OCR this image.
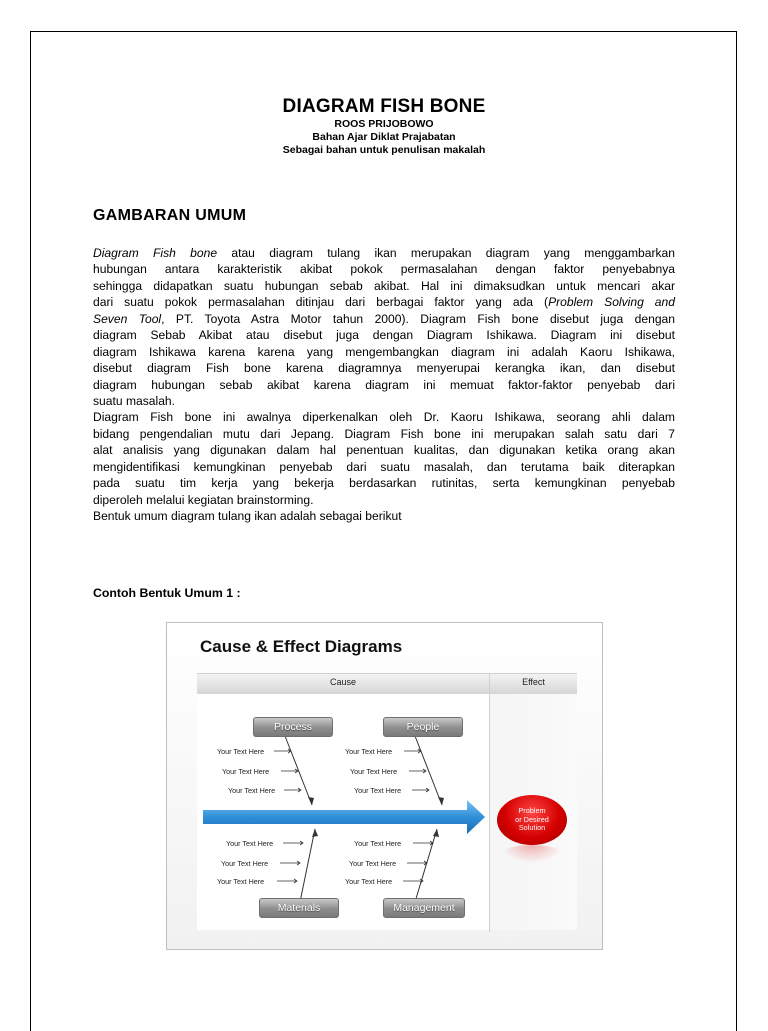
DIAGRAM FISH BONE
ROOS PRIJOBOWO
Bahan Ajar Diklat Prajabatan
Sebagai bahan untuk penulisan makalah
GAMBARAN UMUM
Diagram Fish bone atau diagram tulang ikan merupakan diagram yang menggambarkan
hubungan antara karakteristik akibat pokok permasalahan dengan faktor penyebabnya
sehingga didapatkan suatu hubungan sebab akibat. Hal ini dimaksudkan untuk mencari akar
dari suatu pokok permasalahan ditinjau dari berbagai faktor yang ada (Problem Solving and
Seven Tool, PT. Toyota Astra Motor tahun 2000). Diagram Fish bone disebut juga dengan
diagram Sebab Akibat atau disebut juga dengan Diagram Ishikawa. Diagram ini disebut
diagram Ishikawa karena karena yang mengembangkan diagram ini adalah Kaoru Ishikawa,
disebut diagram Fish bone karena diagramnya menyerupai kerangka ikan, dan disebut
diagram hubungan sebab akibat karena diagram ini memuat faktor-faktor penyebab dari
suatu masalah.
Diagram Fish bone ini awalnya diperkenalkan oleh Dr. Kaoru Ishikawa, seorang ahli dalam
bidang pengendalian mutu dari Jepang. Diagram Fish bone ini merupakan salah satu dari 7
alat analisis yang digunakan dalam hal penentuan kualitas, dan digunakan ketika orang akan
mengidentifikasi kemungkinan penyebab dari suatu masalah, dan terutama baik diterapkan
pada suatu tim kerja yang bekerja berdasarkan rutinitas, serta kemungkinan penyebab
diperoleh melalui kegiatan brainstorming.
Bentuk umum diagram tulang ikan adalah sebagai berikut
Contoh Bentuk Umum 1 :
Cause & Effect Diagrams
Cause	Effect
Process	People
Materials	Management
Your Text Here
Your Text Here
Your Text Here
Your Text Here
Your Text Here
Your Text Here
Your Text Here
Your Text Here
Your Text Here
Your Text Here
Your Text Here
Your Text Here
Problem
or Desired
Solution
